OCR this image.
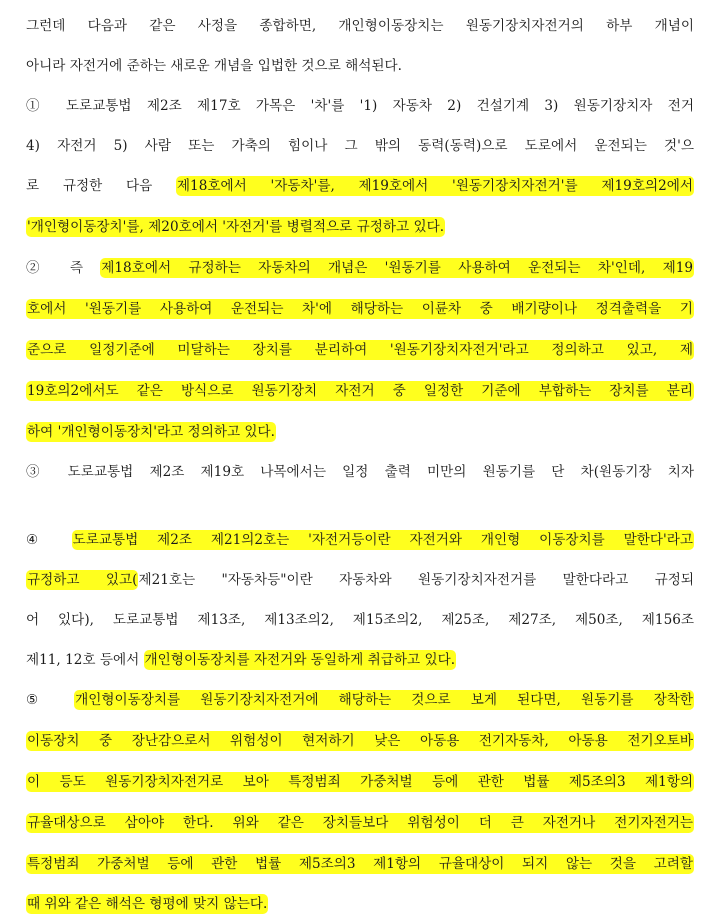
그런데 다음과 같은 사정을 종합하면, 개인형이동장치는 원동기장치자전거의 하부 개념이
아니라 자전거에 준하는 새로운 개념을 입법한 것으로 해석된다.
① 도로교통법 제2조 제17호 가목은 '차'를 '1) 자동차 2) 건설기계 3) 원동기장치자 전거
4) 자전거 5) 사람 또는 가축의 힘이나 그 밖의 동력(동력)으로 도로에서 운전되는 것'으
로 규정한 다음 제18호에서 '자동차'를, 제19호에서 '원동기장치자전거'를 제19호의2에서
'개인형이동장치'를, 제20호에서 '자전거'를 병렬적으로 규정하고 있다.
② 즉 제18호에서 규정하는 자동차의 개념은 '원동기를 사용하여 운전되는 차'인데, 제19
호에서 '원동기를 사용하여 운전되는 차'에 해당하는 이륜차 중 배기량이나 정격출력을 기
준으로 일정기준에 미달하는 장치를 분리하여 '원동기장치자전거'라고 정의하고 있고, 제
19호의2에서도 같은 방식으로 원동기장치 자전거 중 일정한 기준에 부합하는 장치를 분리
하여 '개인형이동장치'라고 정의하고 있다.
③ 도로교통법 제2조 제19호 나목에서는 일정 출력 미만의 원동기를 단 차(원동기장 치자
④ 도로교통법 제2조 제21의2호는 '자전거등이란 자전거와 개인형 이동장치를 말한다'라고
규정하고 있고(제21호는 "자동차등"이란 자동차와 원동기장치자전거를 말한다라고 규정되
어 있다), 도로교통법 제13조, 제13조의2, 제15조의2, 제25조, 제27조, 제50조, 제156조
제11, 12호 등에서 개인형이동장치를 자전거와 동일하게 취급하고 있다.
⑤ 개인형이동장치를 원동기장치자전거에 해당하는 것으로 보게 된다면, 원동기를 장착한
이동장치 중 장난감으로서 위험성이 현저하기 낮은 아동용 전기자동차, 아동용 전기오토바
이 등도 원동기장치자전거로 보아 특정범죄 가중처벌 등에 관한 법률 제5조의3 제1항의
규율대상으로 삼아야 한다. 위와 같은 장치들보다 위험성이 더 큰 자전거나 전기자전거는
특정범죄 가중처벌 등에 관한 법률 제5조의3 제1항의 규율대상이 되지 않는 것을 고려할
때 위와 같은 해석은 형평에 맞지 않는다.
